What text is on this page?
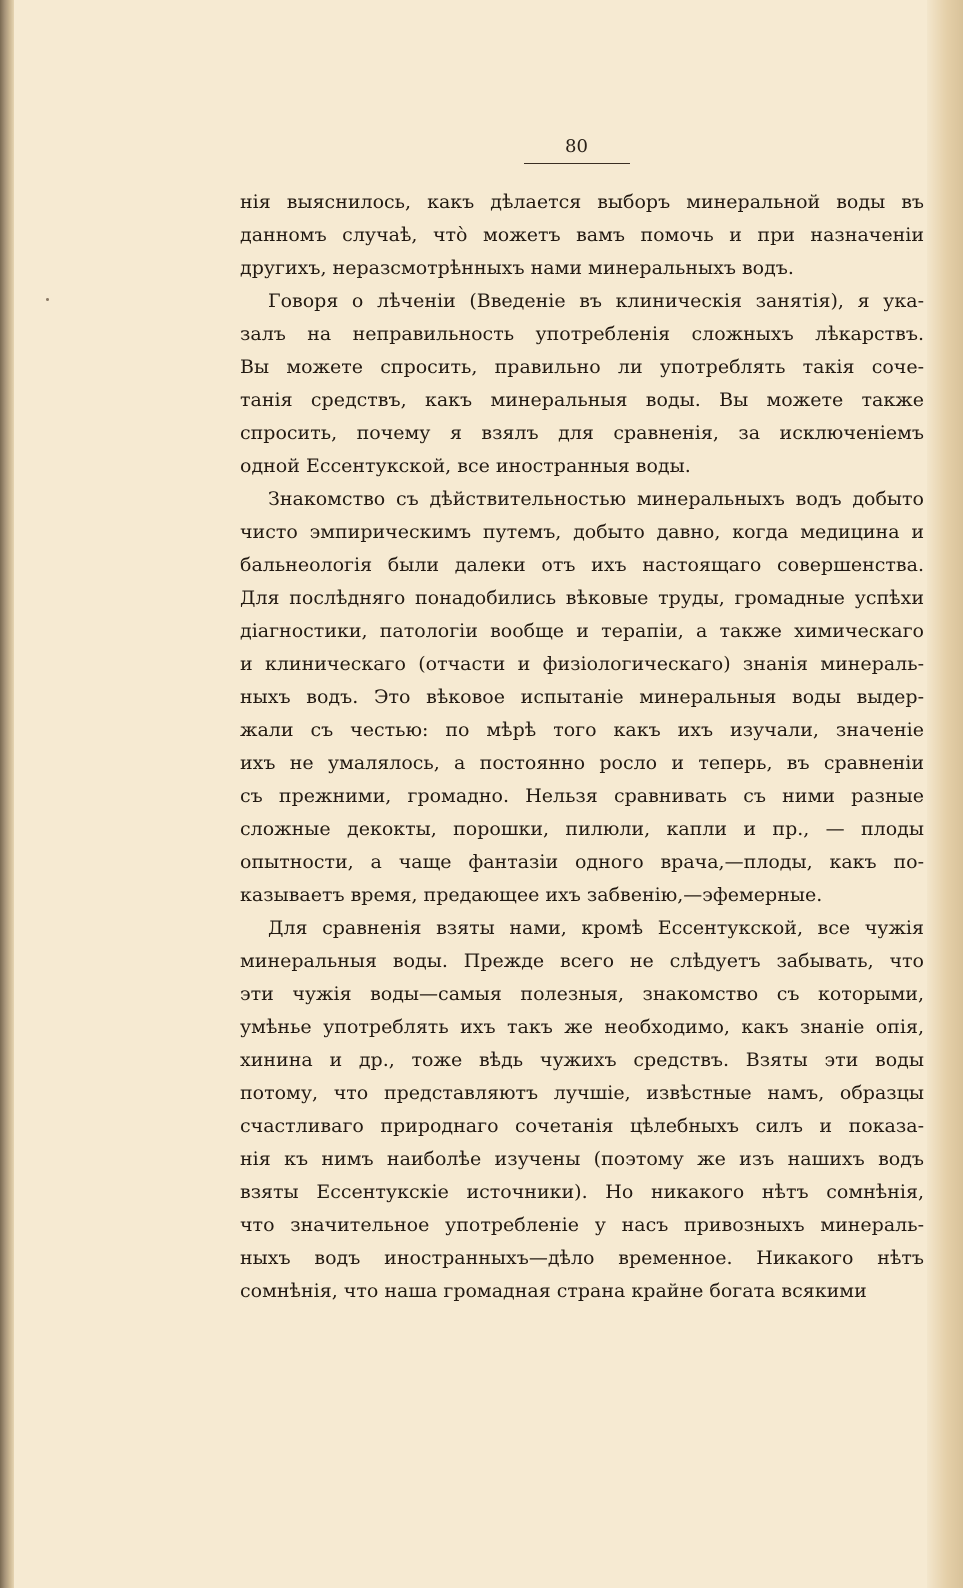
80
нія выяснилось, какъ дѣлается выборъ минеральной воды въ
данномъ случаѣ, что̀ можетъ вамъ помочь и при назначеніи
другихъ, неразсмотрѣнныхъ нами минеральныхъ водъ.
Говоря о лѣченіи (Введеніе въ клиническія занятія), я ука-
залъ на неправильность употребленія сложныхъ лѣкарствъ.
Вы можете спросить, правильно ли употреблять такія соче-
танія средствъ, какъ минеральныя воды. Вы можете также
спросить, почему я взялъ для сравненія, за исключеніемъ
одной Ессентукской, все иностранныя воды.
Знакомство съ дѣйствительностью минеральныхъ водъ добыто
чисто эмпирическимъ путемъ, добыто давно, когда медицина и
бальнеологія были далеки отъ ихъ настоящаго совершенства.
Для послѣдняго понадобились вѣковые труды, громадные успѣхи
діагностики, патологіи вообще и терапіи, а также химическаго
и клиническаго (отчасти и физіологическаго) знанія минераль-
ныхъ водъ. Это вѣковое испытаніе минеральныя воды выдер-
жали съ честью: по мѣрѣ того какъ ихъ изучали, значеніе
ихъ не умалялось, а постоянно росло и теперь, въ сравненіи
съ прежними, громадно. Нельзя сравнивать съ ними разные
сложные декокты, порошки, пилюли, капли и пр., — плоды
опытности, а чаще фантазіи одного врача,—плоды, какъ по-
казываетъ время, предающее ихъ забвенію,—эфемерные.
Для сравненія взяты нами, кромѣ Ессентукской, все чужія
минеральныя воды. Прежде всего не слѣдуетъ забывать, что
эти чужія воды—самыя полезныя, знакомство съ которыми,
умѣнье употреблять ихъ такъ же необходимо, какъ знаніе опія,
хинина и др., тоже вѣдь чужихъ средствъ. Взяты эти воды
потому, что представляютъ лучшіе, извѣстные намъ, образцы
счастливаго природнаго сочетанія цѣлебныхъ силъ и показа-
нія къ нимъ наиболѣе изучены (поэтому же изъ нашихъ водъ
взяты Ессентукскіе источники). Но никакого нѣтъ сомнѣнія,
что значительное употребленіе у насъ привозныхъ минераль-
ныхъ водъ иностранныхъ—дѣло временное. Никакого нѣтъ
сомнѣнія, что наша громадная страна крайне богата всякими
